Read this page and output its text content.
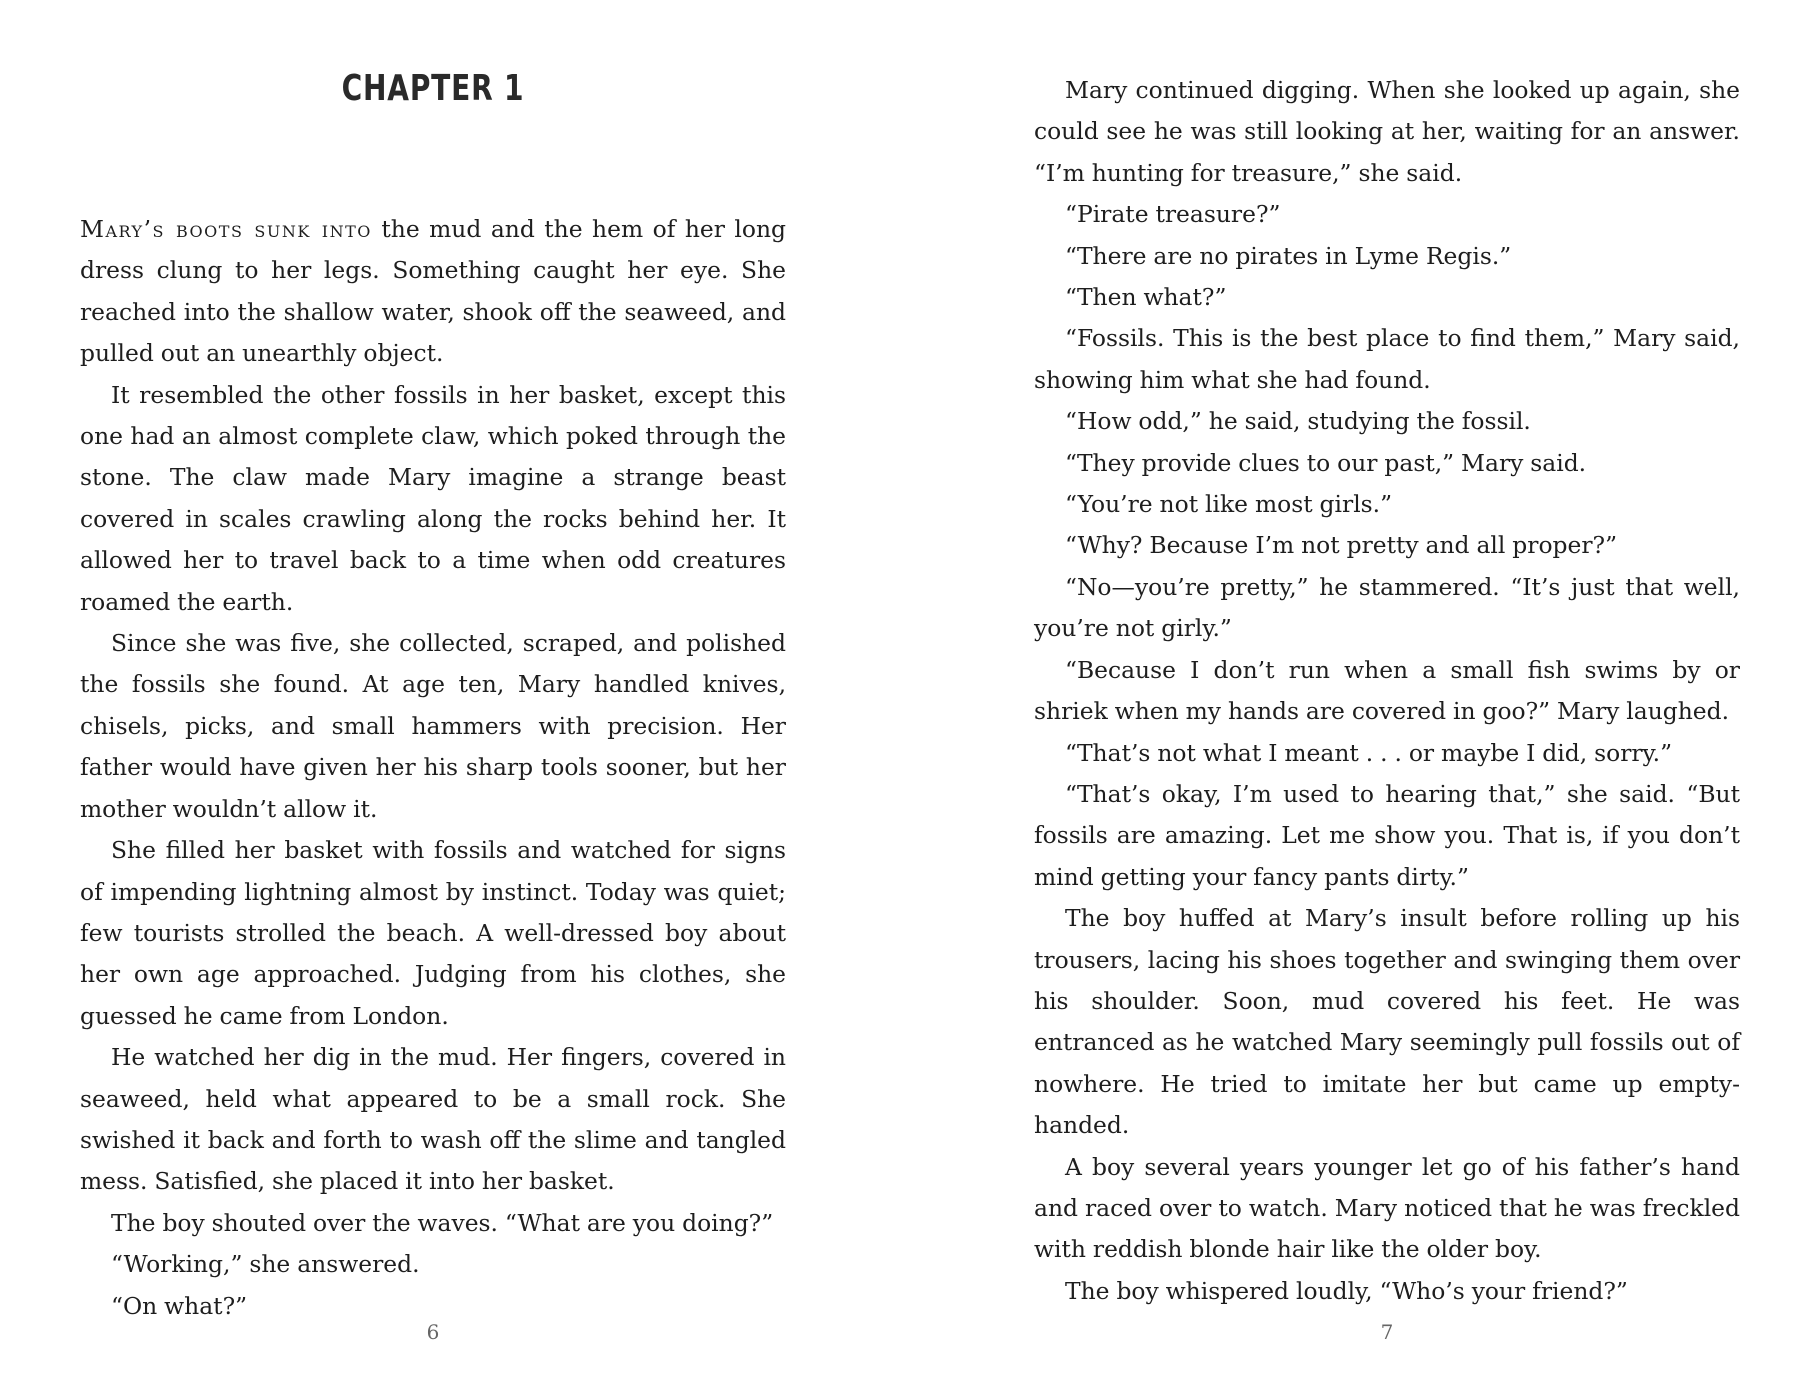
CHAPTER 1

Mary’s boots sunk into the mud and the hem of her long dress clung to her legs. Something caught her eye. She reached into the shallow water, shook off the seaweed, and pulled out an unearthly object.

It resembled the other fossils in her basket, except this one had an almost complete claw, which poked through the stone. The claw made Mary imagine a strange beast covered in scales crawling along the rocks behind her. It allowed her to travel back to a time when odd creatures roamed the earth.

Since she was five, she collected, scraped, and polished the fossils she found. At age ten, Mary handled knives, chisels, picks, and small hammers with precision. Her father would have given her his sharp tools sooner, but her mother wouldn’t allow it.

She filled her basket with fossils and watched for signs of impending lightning almost by instinct. Today was quiet; few tourists strolled the beach. A well-dressed boy about her own age approached. Judging from his clothes, she guessed he came from London.

He watched her dig in the mud. Her fingers, covered in seaweed, held what appeared to be a small rock. She swished it back and forth to wash off the slime and tangled mess. Satisfied, she placed it into her basket.

The boy shouted over the waves. “What are you doing?”

“Working,” she answered.

“On what?”

6

Mary continued digging. When she looked up again, she could see he was still looking at her, waiting for an answer. “I’m hunting for treasure,” she said.

“Pirate treasure?”

“There are no pirates in Lyme Regis.”

“Then what?”

“Fossils. This is the best place to find them,” Mary said, showing him what she had found.

“How odd,” he said, studying the fossil.

“They provide clues to our past,” Mary said.

“You’re not like most girls.”

“Why? Because I’m not pretty and all proper?”

“No—you’re pretty,” he stammered. “It’s just that well, you’re not girly.”

“Because I don’t run when a small fish swims by or shriek when my hands are covered in goo?” Mary laughed.

“That’s not what I meant . . . or maybe I did, sorry.”

“That’s okay, I’m used to hearing that,” she said. “But fossils are amazing. Let me show you. That is, if you don’t mind getting your fancy pants dirty.”

The boy huffed at Mary’s insult before rolling up his trousers, lacing his shoes together and swinging them over his shoulder. Soon, mud covered his feet. He was entranced as he watched Mary seemingly pull fossils out of nowhere. He tried to imitate her but came up empty-handed.

A boy several years younger let go of his father’s hand and raced over to watch. Mary noticed that he was freckled with reddish blonde hair like the older boy.

The boy whispered loudly, “Who’s your friend?”

7
